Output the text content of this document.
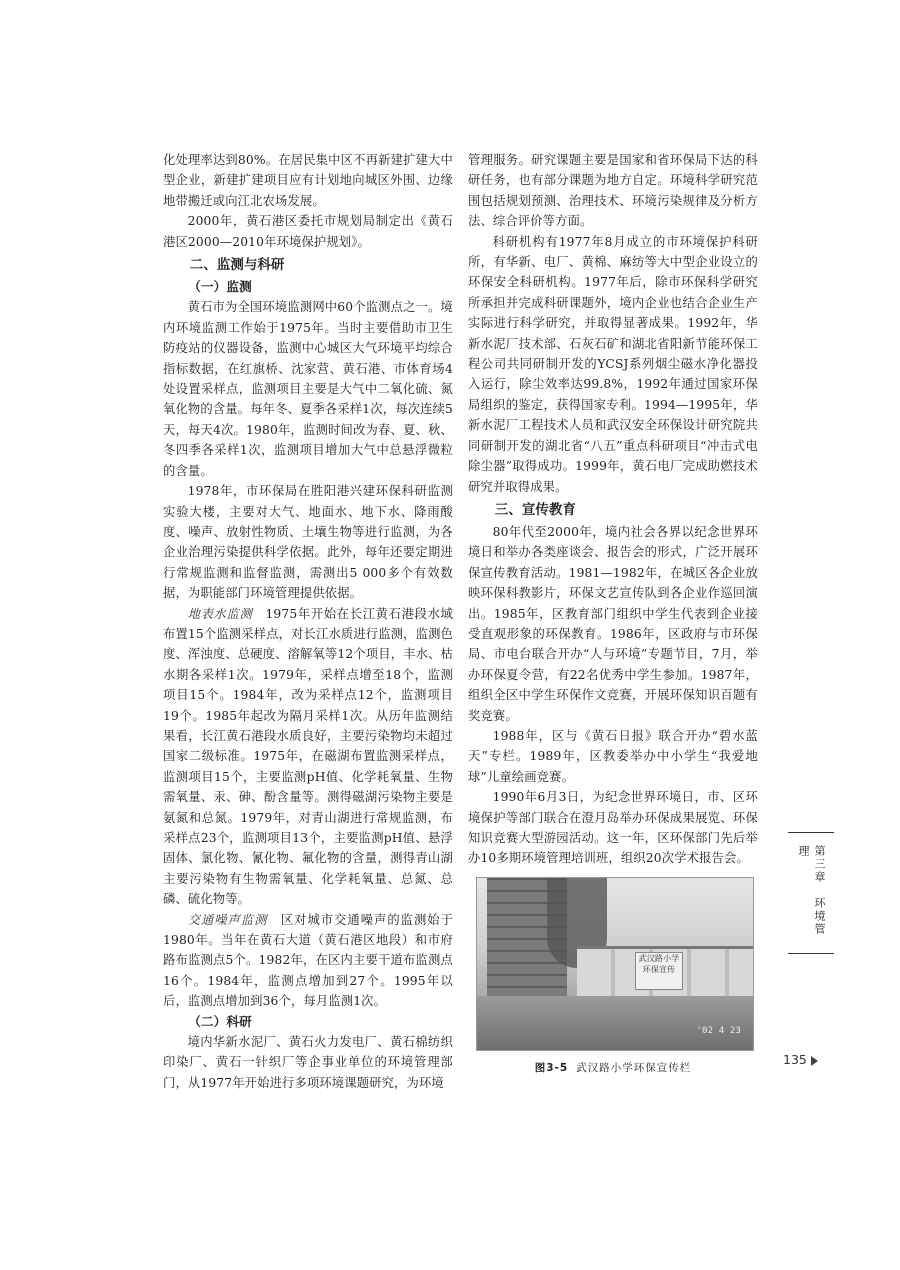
化处理率达到80%。在居民集中区不再新建扩建大中型企业，新建扩建项目应有计划地向城区外围、边缘地带搬迁或向江北农场发展。

2000年，黄石港区委托市规划局制定出《黄石港区2000—2010年环境保护规划》。

二、监测与科研
（一）监测

黄石市为全国环境监测网中60个监测点之一。境内环境监测工作始于1975年。当时主要借助市卫生防疫站的仪器设备，监测中心城区大气环境平均综合指标数据，在红旗桥、沈家营、黄石港、市体育场4处设置采样点，监测项目主要是大气中二氧化硫、氮氧化物的含量。每年冬、夏季各采样1次，每次连续5天，每天4次。1980年，监测时间改为春、夏、秋、冬四季各采样1次，监测项目增加大气中总悬浮微粒的含量。

1978年，市环保局在胜阳港兴建环保科研监测实验大楼，主要对大气、地面水、地下水、降雨酸度、噪声、放射性物质、土壤生物等进行监测，为各企业治理污染提供科学依据。此外，每年还要定期进行常规监测和监督监测，需测出5 000多个有效数据，为职能部门环境管理提供依据。

地表水监测　 1975年开始在长江黄石港段水域布置15个监测采样点，对长江水质进行监测，监测色度、浑浊度、总硬度、溶解氧等12个项目，丰水、枯水期各采样1次。1979年，采样点增至18个，监测项目15个。1984年，改为采样点12个，监测项目19个。1985年起改为隔月采样1次。从历年监测结果看，长江黄石港段水质良好，主要污染物均未超过国家二级标准。1975年，在磁湖布置监测采样点，监测项目15个，主要监测pH值、化学耗氧量、生物需氧量、汞、砷、酚含量等。测得磁湖污染物主要是氨氮和总氮。1979年，对青山湖进行常规监测，布采样点23个，监测项目13个，主要监测pH值、悬浮固体、氯化物、氰化物、氟化物的含量，测得青山湖主要污染物有生物需氧量、化学耗氧量、总氮、总磷、硫化物等。

交通噪声监测　 区对城市交通噪声的监测始于1980年。当年在黄石大道（黄石港区地段）和市府路布监测点5个。1982年，在区内主要干道布监测点16个。1984年，监测点增加到27个。1995年以后，监测点增加到36个，每月监测1次。

（二）科研

境内华新水泥厂、黄石火力发电厂、黄石棉纺织印染厂、黄石一针织厂等企事业单位的环境管理部门，从1977年开始进行多项环境课题研究，为环境

管理服务。研究课题主要是国家和省环保局下达的科研任务，也有部分课题为地方自定。环境科学研究范围包括规划预测、治理技术、环境污染规律及分析方法、综合评价等方面。

科研机构有1977年8月成立的市环境保护科研所，有华新、电厂、黄棉、麻纺等大中型企业设立的环保安全科研机构。1977年后，除市环保科学研究所承担并完成科研课题外，境内企业也结合企业生产实际进行科学研究，并取得显著成果。1992年，华新水泥厂技术部、石灰石矿和湖北省阳新节能环保工程公司共同研制开发的YCSJ系列烟尘磁水净化器投入运行，除尘效率达99.8%，1992年通过国家环保局组织的鉴定，获得国家专利。1994—1995年，华新水泥厂工程技术人员和武汉安全环保设计研究院共同研制开发的湖北省“八五”重点科研项目“冲击式电除尘器”取得成功。1999年，黄石电厂完成助燃技术研究并取得成果。

三、宣传教育

80年代至2000年，境内社会各界以纪念世界环境日和举办各类座谈会、报告会的形式，广泛开展环保宣传教育活动。1981—1982年，在城区各企业放映环保科教影片，环保文艺宣传队到各企业作巡回演出。1985年，区教育部门组织中学生代表到企业接受直观形象的环保教育。1986年，区政府与市环保局、市电台联合开办“人与环境”专题节目，7月，举办环保夏令营，有22名优秀中学生参加。1987年，组织全区中学生环保作文竞赛，开展环保知识百题有奖竞赛。

1988年，区与《黄石日报》联合开办“碧水蓝天”专栏。1989年，区教委举办中小学生“我爱地球”儿童绘画竞赛。

1990年6月3日，为纪念世界环境日，市、区环境保护等部门联合在澄月岛举办环保成果展览、环保知识竞赛大型游园活动。这一年，区环保部门先后举办10多期环境管理培训班，组织20次学术报告会。

武汉路小学 环保宣传
'02 4 23
图3-5 武汉路小学环保宣传栏
第三章　环境管理
135
